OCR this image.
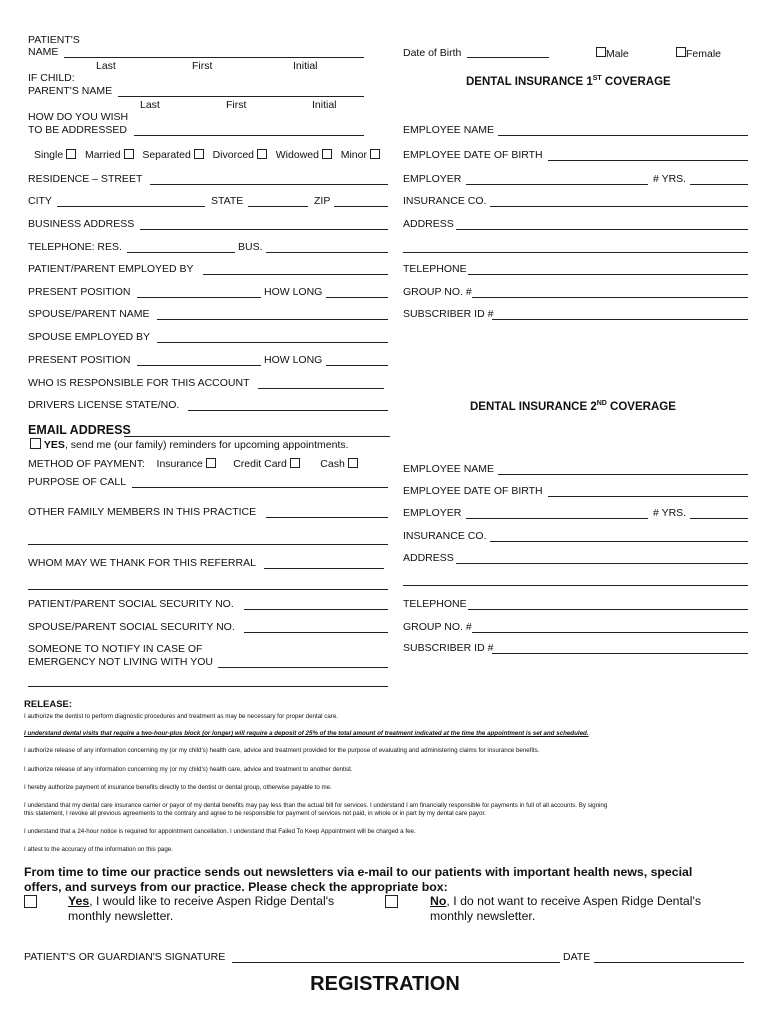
PATIENT'S
NAME
Last	First	Initial
Date of Birth	Male	Female
IF CHILD:
PARENT'S NAME
Last	First	Initial
DENTAL INSURANCE 1ST COVERAGE
HOW DO YOU WISH
TO BE ADDRESSED
Single Married Separated Divorced Widowed Minor
RESIDENCE – STREET
CITY	STATE	ZIP
BUSINESS ADDRESS
TELEPHONE: RES.	BUS.
PATIENT/PARENT EMPLOYED BY
PRESENT POSITION	HOW LONG
SPOUSE/PARENT NAME
SPOUSE EMPLOYED BY
PRESENT POSITION	HOW LONG
WHO IS RESPONSIBLE FOR THIS ACCOUNT
DRIVERS LICENSE STATE/NO.
EMAIL ADDRESS
YES, send me (our family) reminders for upcoming appointments.
METHOD OF PAYMENT: Insurance	Credit Card	Cash
PURPOSE OF CALL
OTHER FAMILY MEMBERS IN THIS PRACTICE
WHOM MAY WE THANK FOR THIS REFERRAL
PATIENT/PARENT SOCIAL SECURITY NO.
SPOUSE/PARENT SOCIAL SECURITY NO.
SOMEONE TO NOTIFY IN CASE OF
EMERGENCY NOT LIVING WITH YOU
EMPLOYEE NAME
EMPLOYEE DATE OF BIRTH
EMPLOYER	# YRS.
INSURANCE CO.
ADDRESS
TELEPHONE
GROUP NO. #
SUBSCRIBER ID #
DENTAL INSURANCE 2ND COVERAGE
EMPLOYEE NAME
EMPLOYEE DATE OF BIRTH
EMPLOYER	# YRS.
INSURANCE CO.
ADDRESS
TELEPHONE
GROUP NO. #
SUBSCRIBER ID #
RELEASE:
I authorize the dentist to perform diagnostic procedures and treatment as may be necessary for proper dental care.
I understand dental visits that require a two-hour-plus block (or longer) will require a deposit of 25% of the total amount of treatment indicated at the time the appointment is set and scheduled.
I authorize release of any information concerning my (or my child's) health care, advice and treatment provided for the purpose of evaluating and administering claims for insurance benefits.
I authorize release of any information concerning my (or my child's) health care, advice and treatment to another dentist.
I hereby authorize payment of insurance benefits directly to the dentist or dental group, otherwise payable to me.
I understand that my dental care insurance carrier or payor of my dental benefits may pay less than the actual bill for services. I understand I am financially responsible for payments in full of all accounts. By signing
this statement, I revoke all previous agreements to the contrary and agree to be responsible for payment of services not paid, in whole or in part by my dental care payor.
I understand that a 24-hour notice is required for appointment cancellation. I understand that Failed To Keep Appointment will be charged a fee.
I attest to the accuracy of the information on this page.
From time to time our practice sends out newsletters via e-mail to our patients with important health news, special
offers, and surveys from our practice. Please check the appropriate box:
Yes, I would like to receive Aspen Ridge Dental's
monthly newsletter.
No, I do not want to receive Aspen Ridge Dental's
monthly newsletter.
PATIENT'S OR GUARDIAN'S SIGNATURE	DATE
REGISTRATION
